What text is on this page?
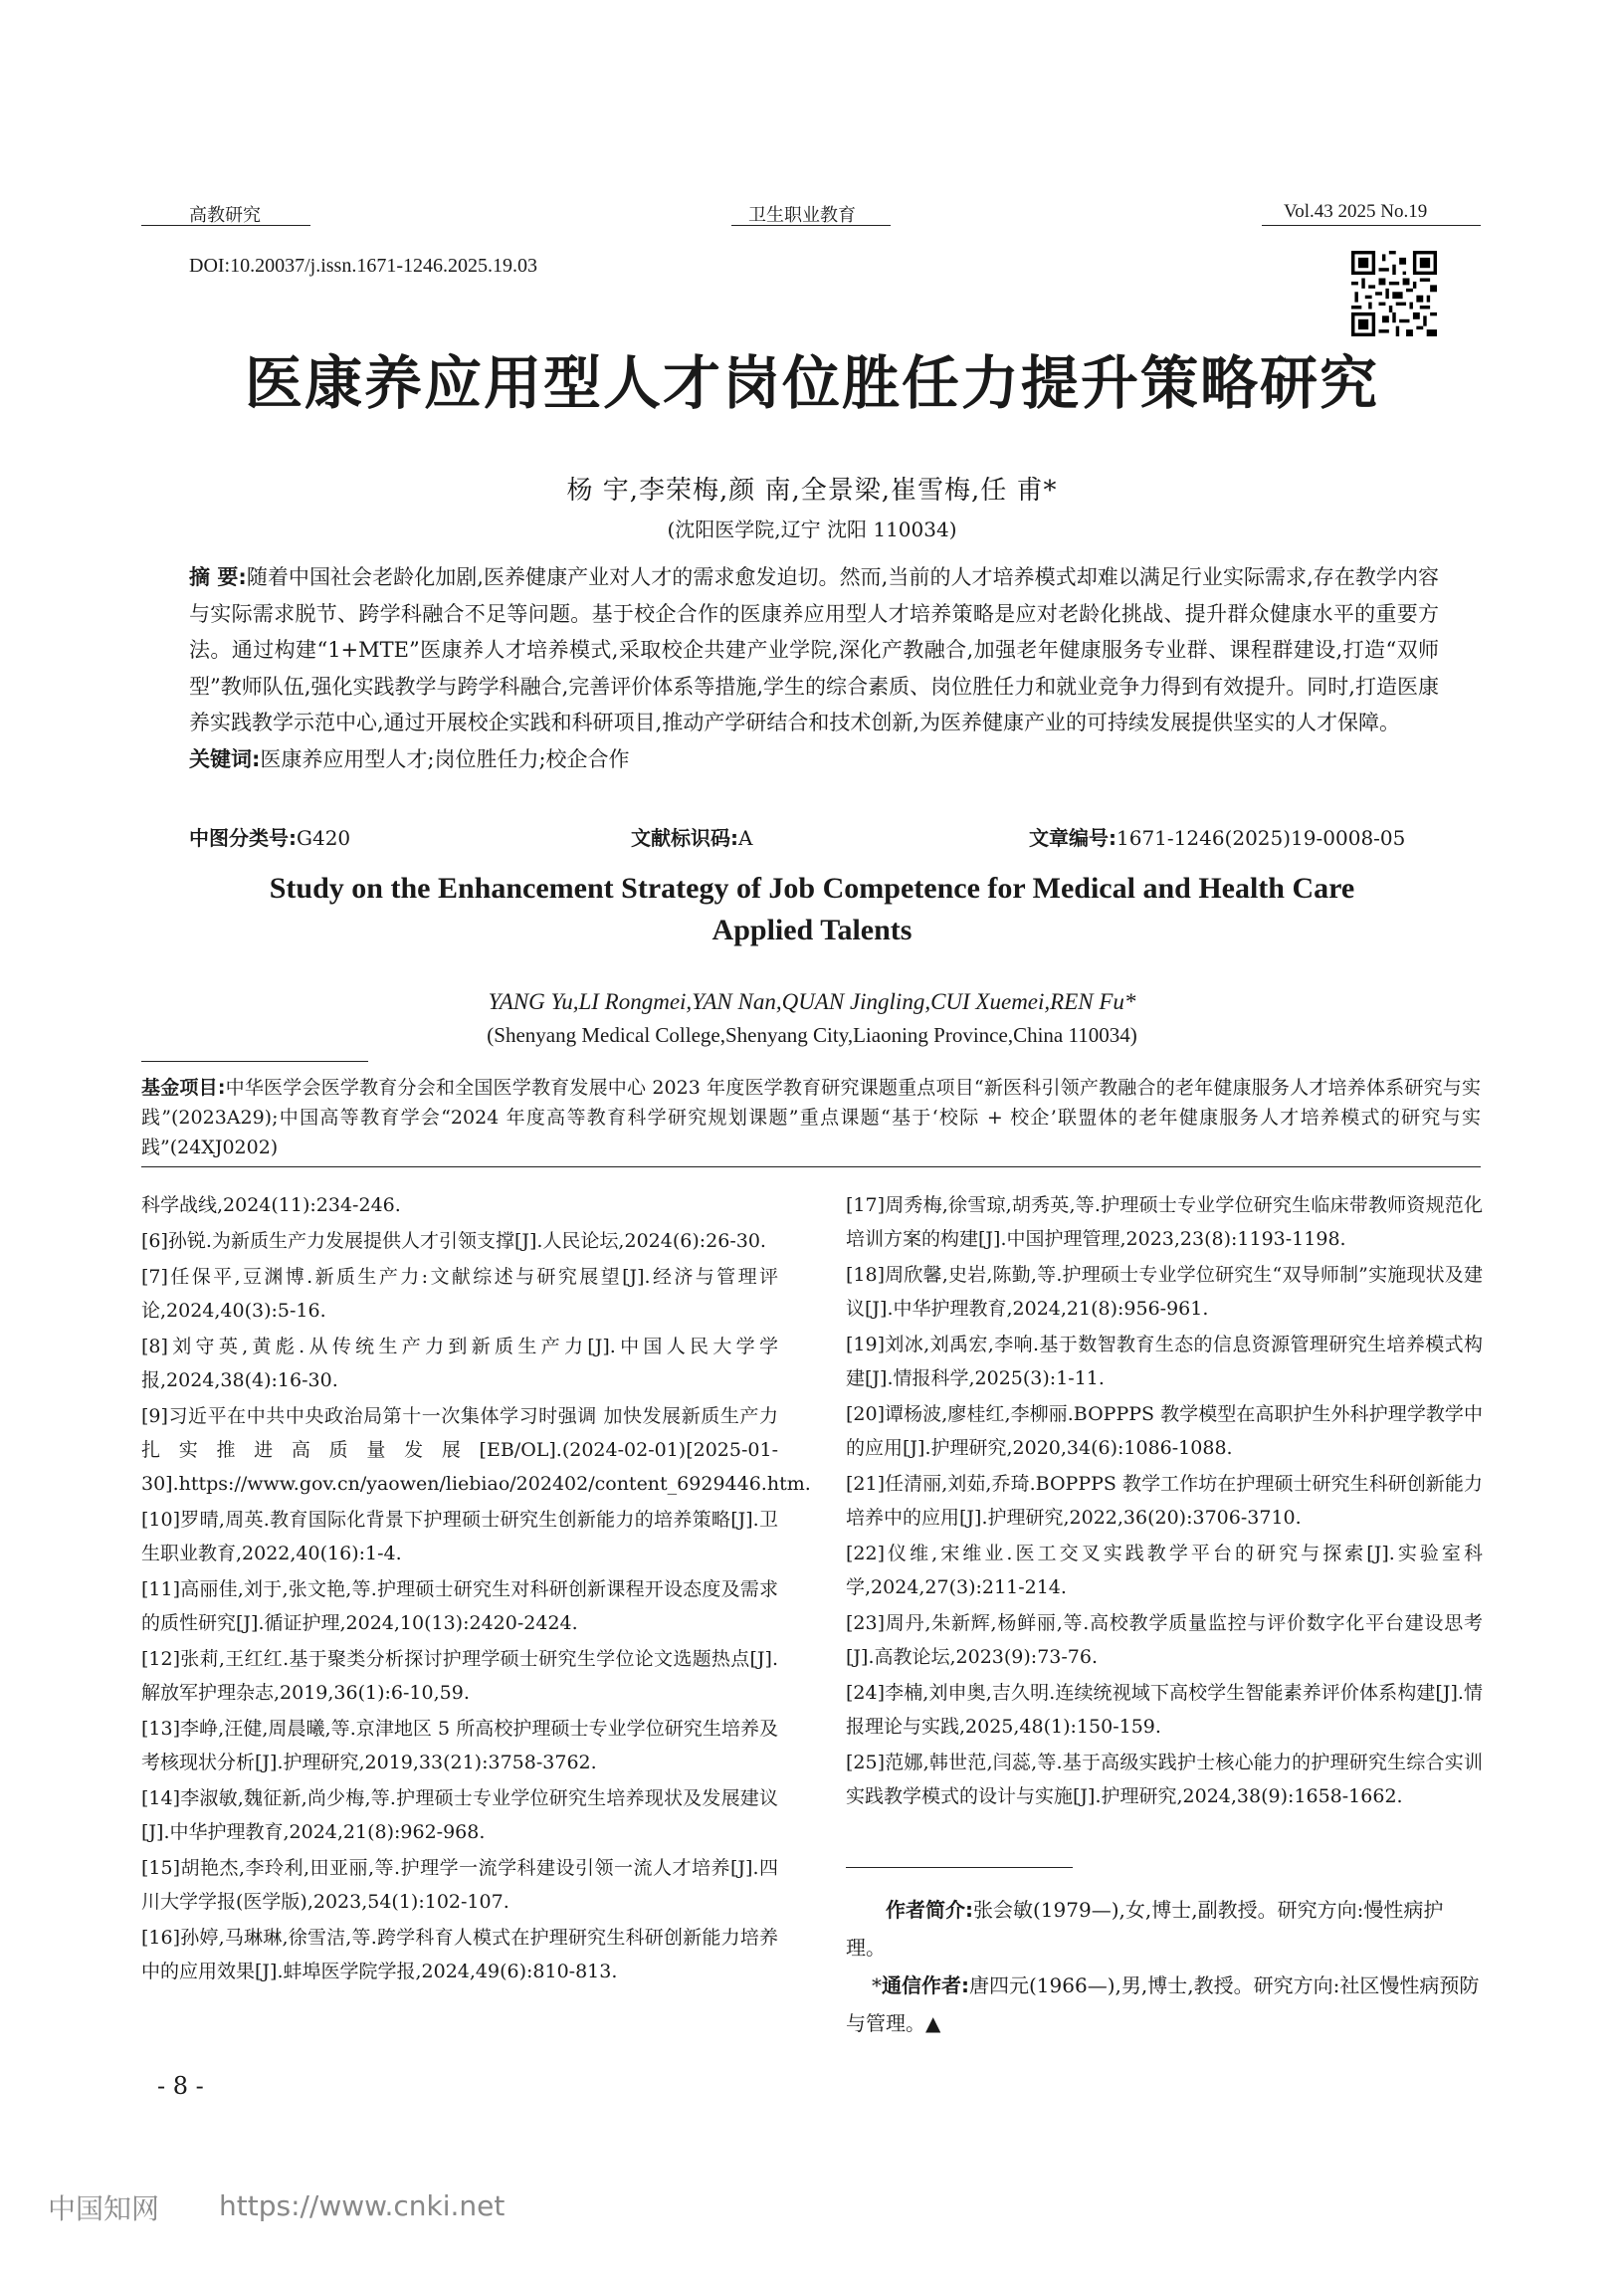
高教研究	卫生职业教育	Vol.43 2025 No.19
DOI:10.20037/j.issn.1671-1246.2025.19.03
医康养应用型人才岗位胜任力提升策略研究
杨 宇,李荣梅,颜 南,全景梁,崔雪梅,任 甫*
(沈阳医学院,辽宁 沈阳 110034)
摘 要:随着中国社会老龄化加剧,医养健康产业对人才的需求愈发迫切。然而,当前的人才培养模式却难以满足行业实际需求,存在教学内容与实际需求脱节、跨学科融合不足等问题。基于校企合作的医康养应用型人才培养策略是应对老龄化挑战、提升群众健康水平的重要方法。通过构建“1+MTE”医康养人才培养模式,采取校企共建产业学院,深化产教融合,加强老年健康服务专业群、课程群建设,打造“双师型”教师队伍,强化实践教学与跨学科融合,完善评价体系等措施,学生的综合素质、岗位胜任力和就业竞争力得到有效提升。同时,打造医康养实践教学示范中心,通过开展校企实践和科研项目,推动产学研结合和技术创新,为医养健康产业的可持续发展提供坚实的人才保障。
关键词:医康养应用型人才;岗位胜任力;校企合作
中图分类号:G420	文献标识码:A	文章编号:1671-1246(2025)19-0008-05
Study on the Enhancement Strategy of Job Competence for Medical and Health Care
Applied Talents
YANG Yu,LI Rongmei,YAN Nan,QUAN Jingling,CUI Xuemei,REN Fu*
(Shenyang Medical College,Shenyang City,Liaoning Province,China 110034)
基金项目:中华医学会医学教育分会和全国医学教育发展中心 2023 年度医学教育研究课题重点项目“新医科引领产教融合的老年健康服务人才培养体系研究与实践”(2023A29);中国高等教育学会“2024 年度高等教育科学研究规划课题”重点课题“基于‘校际 + 校企’联盟体的老年健康服务人才培养模式的研究与实践”(24XJ0202)

科学战线,2024(11):234-246.

[6]孙锐.为新质生产力发展提供人才引领支撑[J].人民论坛,2024(6):26-30.

[7]任保平,豆渊博.新质生产力:文献综述与研究展望[J].经济与管理评论,2024,40(3):5-16.

[8]刘守英,黄彪.从传统生产力到新质生产力[J].中国人民大学学报,2024,38(4):16-30.

[9]习近平在中共中央政治局第十一次集体学习时强调 加快发展新质生产力 扎实推进高质量发展[EB/OL].(2024-02-01)[2025-01-30].https://www.gov.cn/yaowen/liebiao/202402/content_6929446.htm.

[10]罗晴,周英.教育国际化背景下护理硕士研究生创新能力的培养策略[J].卫生职业教育,2022,40(16):1-4.

[11]高丽佳,刘于,张文艳,等.护理硕士研究生对科研创新课程开设态度及需求的质性研究[J].循证护理,2024,10(13):2420-2424.

[12]张莉,王红红.基于聚类分析探讨护理学硕士研究生学位论文选题热点[J].解放军护理杂志,2019,36(1):6-10,59.

[13]李峥,汪健,周晨曦,等.京津地区 5 所高校护理硕士专业学位研究生培养及考核现状分析[J].护理研究,2019,33(21):3758-3762.

[14]李淑敏,魏征新,尚少梅,等.护理硕士专业学位研究生培养现状及发展建议[J].中华护理教育,2024,21(8):962-968.

[15]胡艳杰,李玲利,田亚丽,等.护理学一流学科建设引领一流人才培养[J].四川大学学报(医学版),2023,54(1):102-107.

[16]孙婷,马琳琳,徐雪洁,等.跨学科育人模式在护理研究生科研创新能力培养中的应用效果[J].蚌埠医学院学报,2024,49(6):810-813.

[17]周秀梅,徐雪琼,胡秀英,等.护理硕士专业学位研究生临床带教师资规范化培训方案的构建[J].中国护理管理,2023,23(8):1193-1198.

[18]周欣馨,史岩,陈勤,等.护理硕士专业学位研究生“双导师制”实施现状及建议[J].中华护理教育,2024,21(8):956-961.

[19]刘冰,刘禹宏,李响.基于数智教育生态的信息资源管理研究生培养模式构建[J].情报科学,2025(3):1-11.

[20]谭杨波,廖桂红,李柳丽.BOPPPS 教学模型在高职护生外科护理学教学中的应用[J].护理研究,2020,34(6):1086-1088.

[21]任清丽,刘茹,乔琦.BOPPPS 教学工作坊在护理硕士研究生科研创新能力培养中的应用[J].护理研究,2022,36(20):3706-3710.

[22]仪维,宋维业.医工交叉实践教学平台的研究与探索[J].实验室科学,2024,27(3):211-214.

[23]周丹,朱新辉,杨鲜丽,等.高校教学质量监控与评价数字化平台建设思考[J].高教论坛,2023(9):73-76.

[24]李楠,刘申奥,吉久明.连续统视域下高校学生智能素养评价体系构建[J].情报理论与实践,2025,48(1):150-159.

[25]范娜,韩世范,闫蕊,等.基于高级实践护士核心能力的护理研究生综合实训实践教学模式的设计与实施[J].护理研究,2024,38(9):1658-1662.

作者简介:张会敏(1979—),女,博士,副教授。研究方向:慢性病护理。

*通信作者:唐四元(1966—),男,博士,教授。研究方向:社区慢性病预防与管理。▲

- 8 -
中国知网 https://www.cnki.net
